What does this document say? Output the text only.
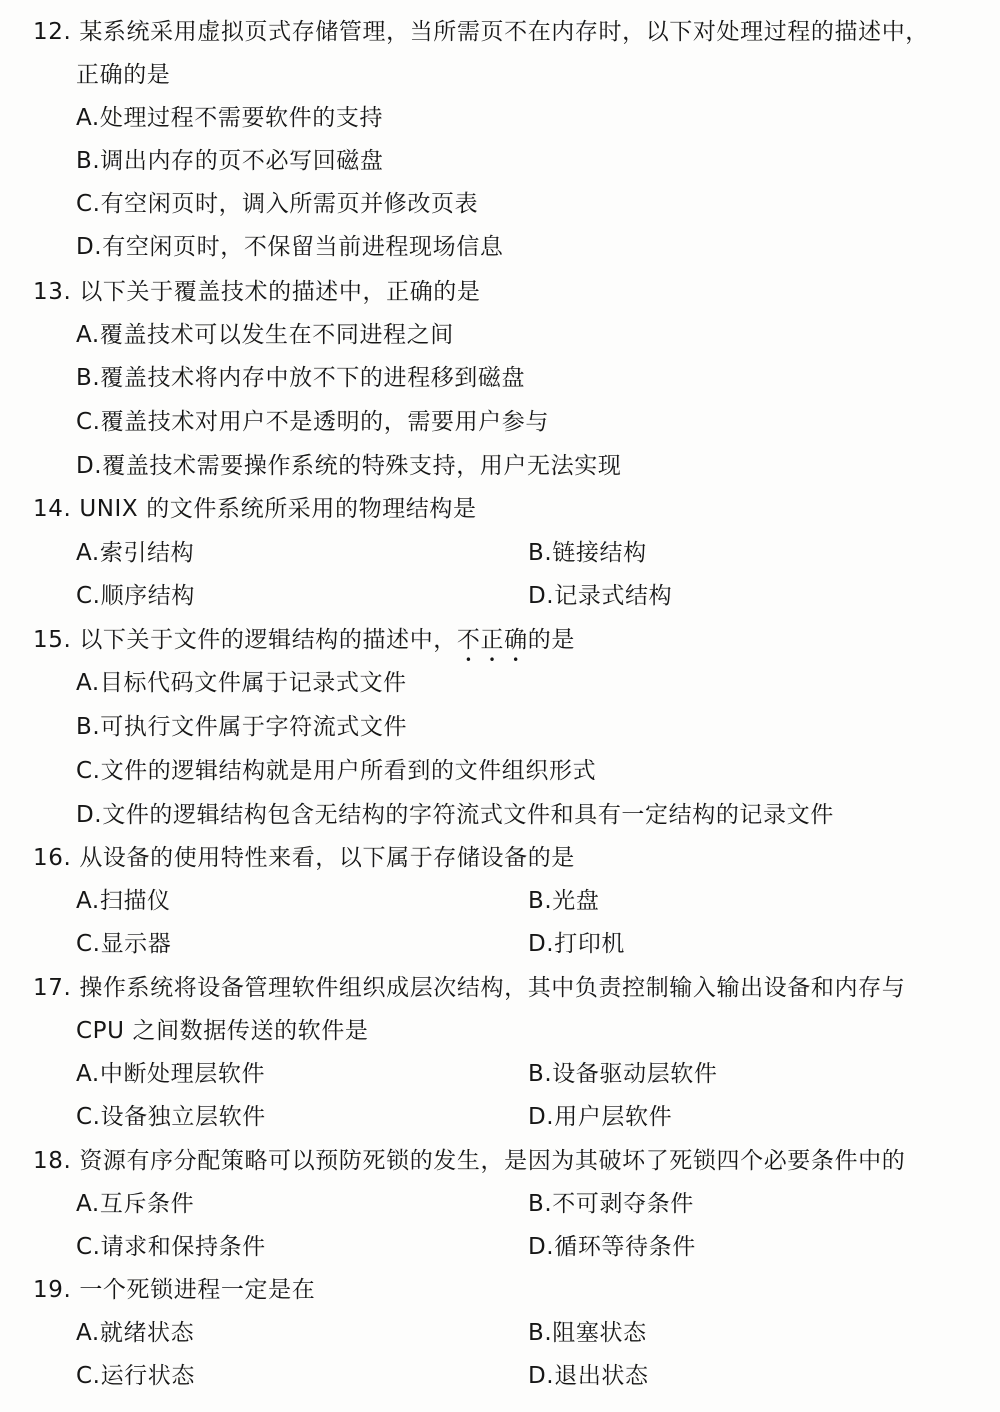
12. 某系统采用虚拟页式存储管理，当所需页不在内存时，以下对处理过程的描述中，
正确的是
A.处理过程不需要软件的支持
B.调出内存的页不必写回磁盘
C.有空闲页时，调入所需页并修改页表
D.有空闲页时，不保留当前进程现场信息
13. 以下关于覆盖技术的描述中，正确的是
A.覆盖技术可以发生在不同进程之间
B.覆盖技术将内存中放不下的进程移到磁盘
C.覆盖技术对用户不是透明的，需要用户参与
D.覆盖技术需要操作系统的特殊支持，用户无法实现
14. UNIX 的文件系统所采用的物理结构是
A.索引结构	B.链接结构
C.顺序结构	D.记录式结构
15. 以下关于文件的逻辑结构的描述中，不正确的是
A.目标代码文件属于记录式文件
B.可执行文件属于字符流式文件
C.文件的逻辑结构就是用户所看到的文件组织形式
D.文件的逻辑结构包含无结构的字符流式文件和具有一定结构的记录文件
16. 从设备的使用特性来看，以下属于存储设备的是
A.扫描仪	B.光盘
C.显示器	D.打印机
17. 操作系统将设备管理软件组织成层次结构，其中负责控制输入输出设备和内存与
CPU 之间数据传送的软件是
A.中断处理层软件	B.设备驱动层软件
C.设备独立层软件	D.用户层软件
18. 资源有序分配策略可以预防死锁的发生，是因为其破坏了死锁四个必要条件中的
A.互斥条件	B.不可剥夺条件
C.请求和保持条件	D.循环等待条件
19. 一个死锁进程一定是在
A.就绪状态	B.阻塞状态
C.运行状态	D.退出状态
